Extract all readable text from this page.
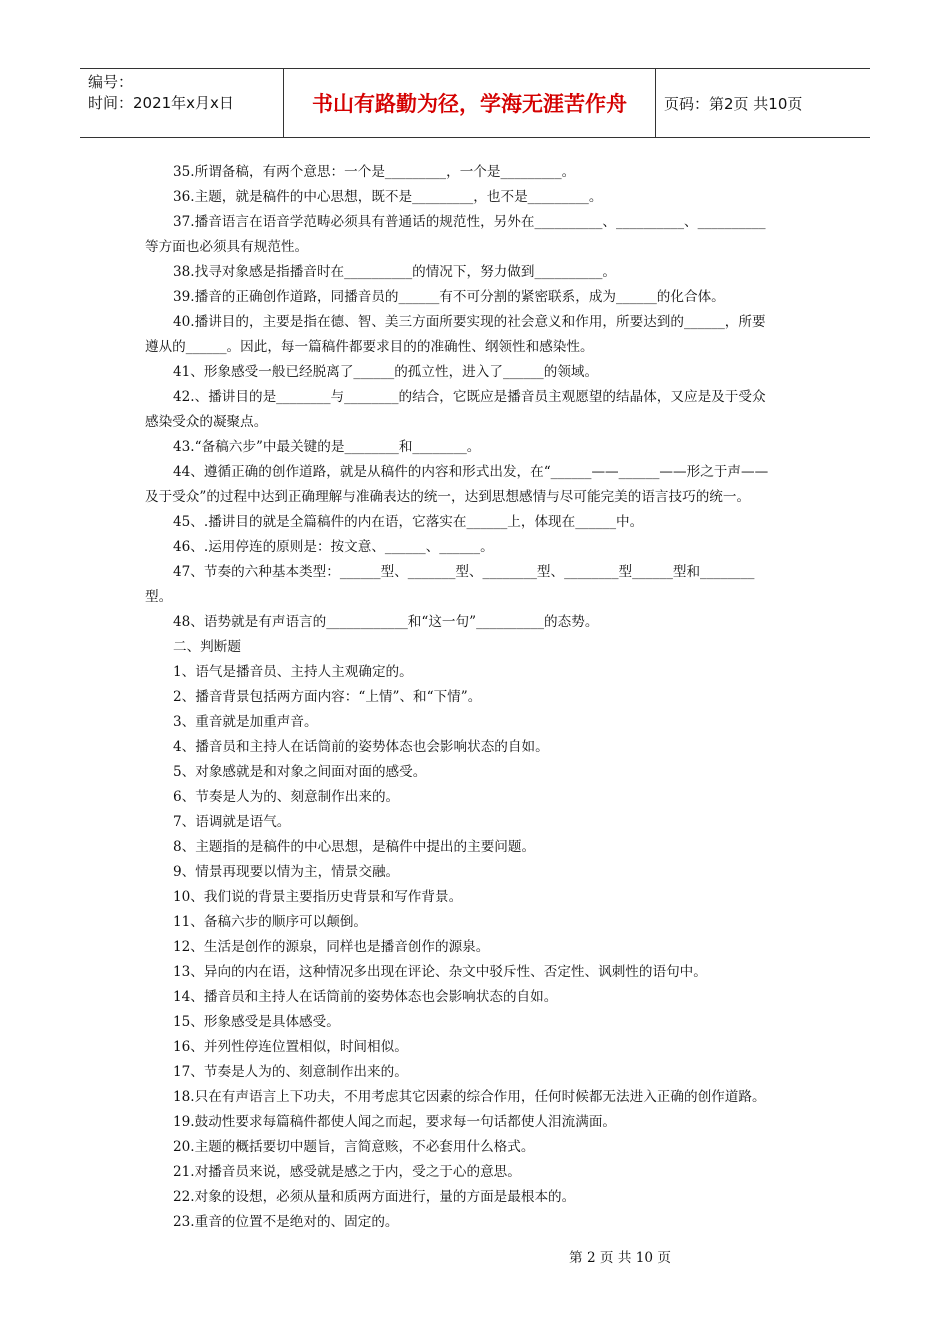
编号：
时间：2021年x月x日	书山有路勤为径，学海无涯苦作舟	页码：第2页 共10页

35.所谓备稿，有两个意思：一个是_________，一个是_________。

36.主题，就是稿件的中心思想，既不是_________，也不是_________。

37.播音语言在语音学范畴必须具有普通话的规范性，另外在__________、__________、__________

等方面也必须具有规范性。

38.找寻对象感是指播音时在__________的情况下，努力做到__________。

39.播音的正确创作道路，同播音员的______有不可分割的紧密联系，成为______的化合体。

40.播讲目的，主要是指在德、智、美三方面所要实现的社会意义和作用，所要达到的______，所要

遵从的______。因此，每一篇稿件都要求目的的准确性、纲领性和感染性。

41、形象感受一般已经脱离了______的孤立性，进入了______的领域。

42.、播讲目的是________与________的结合，它既应是播音员主观愿望的结晶体，又应是及于受众

感染受众的凝聚点。

43.“备稿六步”中最关键的是________和________。

44、遵循正确的创作道路，就是从稿件的内容和形式出发，在“______——______——形之于声——

及于受众”的过程中达到正确理解与准确表达的统一，达到思想感情与尽可能完美的语言技巧的统一。

45、.播讲目的就是全篇稿件的内在语，它落实在______上，体现在______中。

46、.运用停连的原则是：按文意、______、______。

47、节奏的六种基本类型：______型、_______型、________型、________型______型和________

型。

48、语势就是有声语言的____________和“这一句”__________的态势。

二、判断题

1、语气是播音员、主持人主观确定的。

2、播音背景包括两方面内容：“上情”、和“下情”。

3、重音就是加重声音。

4、播音员和主持人在话筒前的姿势体态也会影响状态的自如。

5、对象感就是和对象之间面对面的感受。

6、节奏是人为的、刻意制作出来的。

7、语调就是语气。

8、主题指的是稿件的中心思想，是稿件中提出的主要问题。

9、情景再现要以情为主，情景交融。

10、我们说的背景主要指历史背景和写作背景。

11、备稿六步的顺序可以颠倒。

12、生活是创作的源泉，同样也是播音创作的源泉。

13、异向的内在语，这种情况多出现在评论、杂文中驳斥性、否定性、讽刺性的语句中。

14、播音员和主持人在话筒前的姿势体态也会影响状态的自如。

15、形象感受是具体感受。

16、并列性停连位置相似，时间相似。

17、节奏是人为的、刻意制作出来的。

18.只在有声语言上下功夫，不用考虑其它因素的综合作用，任何时候都无法进入正确的创作道路。

19.鼓动性要求每篇稿件都使人闻之而起，要求每一句话都使人泪流满面。

20.主题的概括要切中题旨，言简意赅，不必套用什么格式。

21.对播音员来说，感受就是感之于内，受之于心的意思。

22.对象的设想，必须从量和质两方面进行，量的方面是最根本的。

23.重音的位置不是绝对的、固定的。

第 2 页 共 10 页
